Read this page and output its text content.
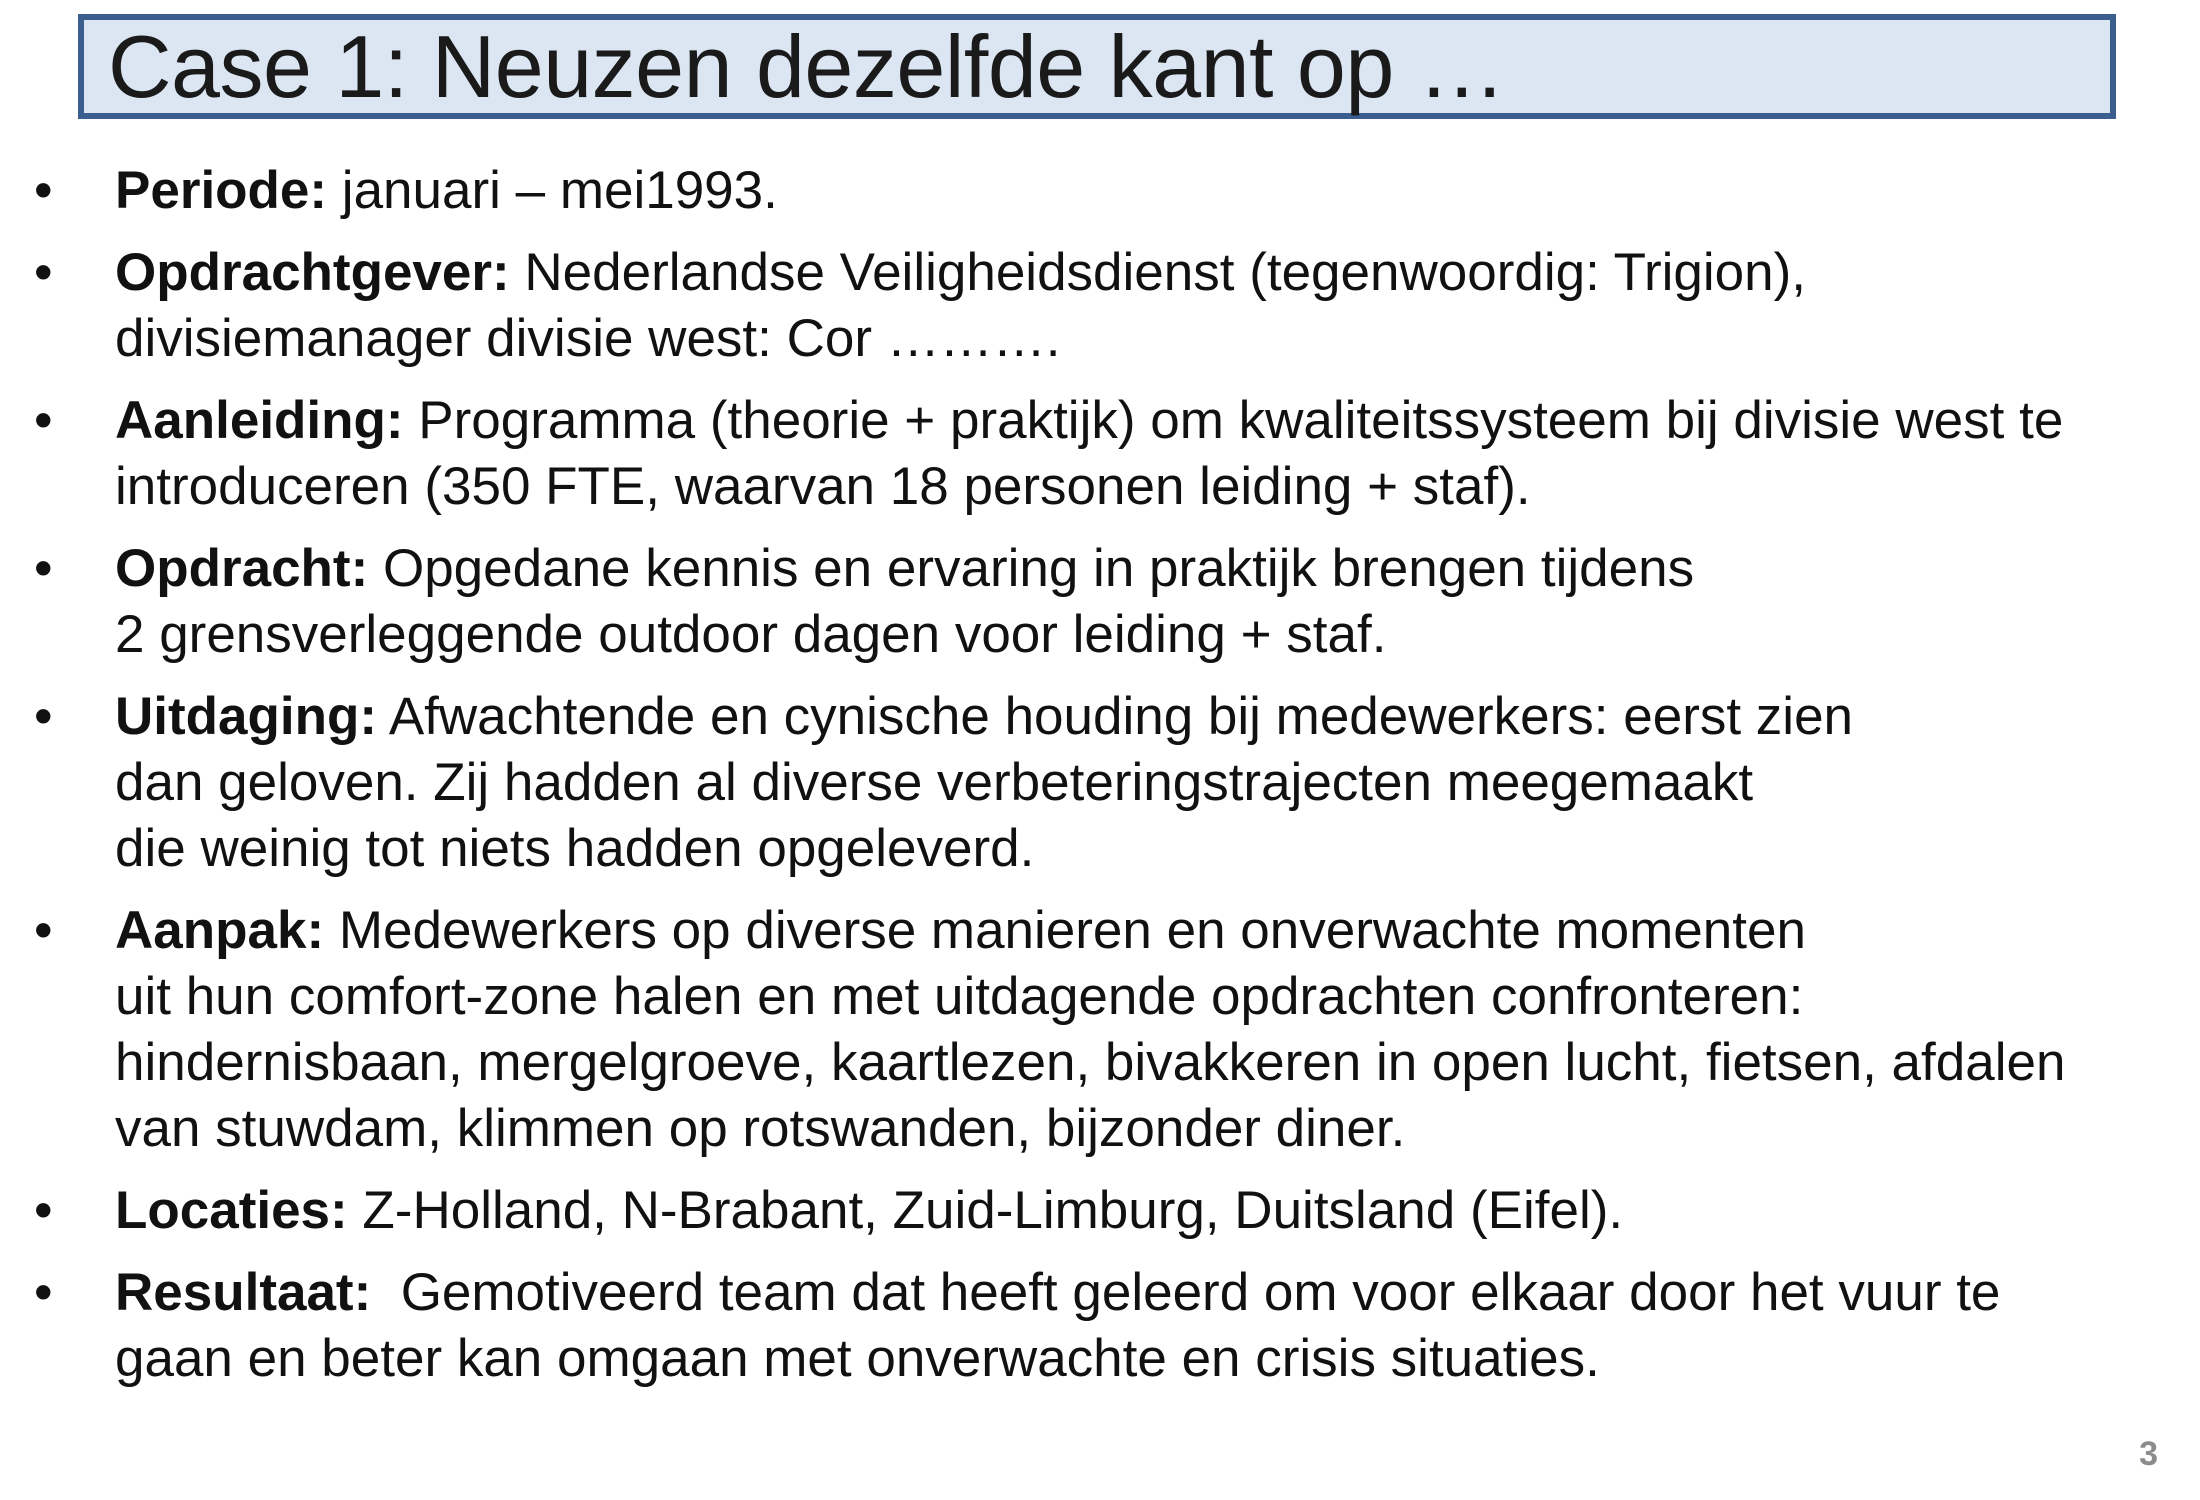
Case 1: Neuzen dezelfde kant op …
• Periode: januari – mei1993.
• Opdrachtgever: Nederlandse Veiligheidsdienst (tegenwoordig: Trigion),
divisiemanager divisie west: Cor ……….
• Aanleiding: Programma (theorie + praktijk) om kwaliteitssysteem bij divisie west te
introduceren (350 FTE, waarvan 18 personen leiding + staf).
• Opdracht: Opgedane kennis en ervaring in praktijk brengen tijdens
2 grensverleggende outdoor dagen voor leiding + staf.
• Uitdaging: Afwachtende en cynische houding bij medewerkers: eerst zien
dan geloven. Zij hadden al diverse verbeteringstrajecten meegemaakt
die weinig tot niets hadden opgeleverd.
• Aanpak: Medewerkers op diverse manieren en onverwachte momenten
uit hun comfort-zone halen en met uitdagende opdrachten confronteren:
hindernisbaan, mergelgroeve, kaartlezen, bivakkeren in open lucht, fietsen, afdalen
van stuwdam, klimmen op rotswanden, bijzonder diner.
• Locaties: Z-Holland, N-Brabant, Zuid-Limburg, Duitsland (Eifel).
• Resultaat:  Gemotiveerd team dat heeft geleerd om voor elkaar door het vuur te
gaan en beter kan omgaan met onverwachte en crisis situaties.
3
